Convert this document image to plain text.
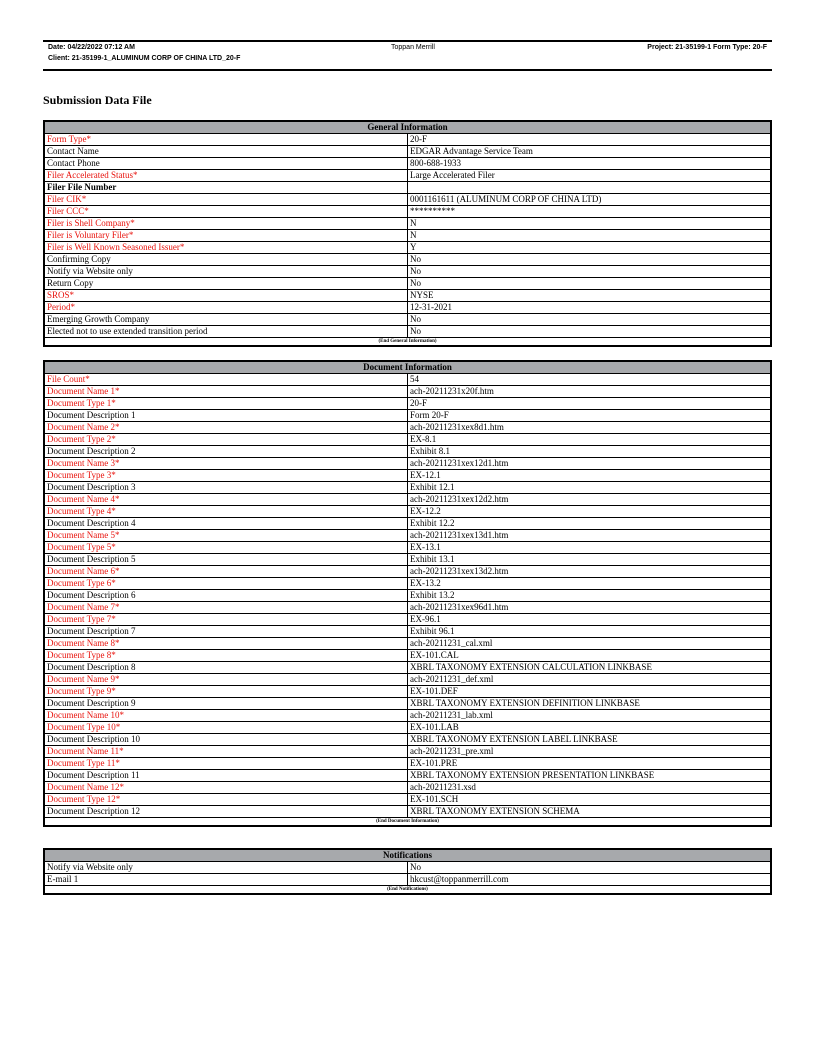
Date: 04/22/2022 07:12 AM	Toppan Merrill	Project: 21-35199-1 Form Type: 20-F
Client: 21-35199-1_ALUMINUM CORP OF CHINA LTD_20-F
Submission Data File
General Information	
Form Type*	20-F
Contact Name	EDGAR Advantage Service Team
Contact Phone	800-688-1933
Filer Accelerated Status*	Large Accelerated Filer
Filer File Number	
Filer CIK*	0001161611 (ALUMINUM CORP OF CHINA LTD)
Filer CCC*	**********
Filer is Shell Company*	N
Filer is Voluntary Filer*	N
Filer is Well Known Seasoned Issuer*	Y
Confirming Copy	No
Notify via Website only	No
Return Copy	No
SROS*	NYSE
Period*	12-31-2021
Emerging Growth Company	No
Elected not to use extended transition period	No
(End General Information)	
Document Information	
File Count*	54
Document Name 1*	ach-20211231x20f.htm
Document Type 1*	20-F
Document Description 1	Form 20-F
Document Name 2*	ach-20211231xex8d1.htm
Document Type 2*	EX-8.1
Document Description 2	Exhibit 8.1
Document Name 3*	ach-20211231xex12d1.htm
Document Type 3*	EX-12.1
Document Description 3	Exhibit 12.1
Document Name 4*	ach-20211231xex12d2.htm
Document Type 4*	EX-12.2
Document Description 4	Exhibit 12.2
Document Name 5*	ach-20211231xex13d1.htm
Document Type 5*	EX-13.1
Document Description 5	Exhibit 13.1
Document Name 6*	ach-20211231xex13d2.htm
Document Type 6*	EX-13.2
Document Description 6	Exhibit 13.2
Document Name 7*	ach-20211231xex96d1.htm
Document Type 7*	EX-96.1
Document Description 7	Exhibit 96.1
Document Name 8*	ach-20211231_cal.xml
Document Type 8*	EX-101.CAL
Document Description 8	XBRL TAXONOMY EXTENSION CALCULATION LINKBASE
Document Name 9*	ach-20211231_def.xml
Document Type 9*	EX-101.DEF
Document Description 9	XBRL TAXONOMY EXTENSION DEFINITION LINKBASE
Document Name 10*	ach-20211231_lab.xml
Document Type 10*	EX-101.LAB
Document Description 10	XBRL TAXONOMY EXTENSION LABEL LINKBASE
Document Name 11*	ach-20211231_pre.xml
Document Type 11*	EX-101.PRE
Document Description 11	XBRL TAXONOMY EXTENSION PRESENTATION LINKBASE
Document Name 12*	ach-20211231.xsd
Document Type 12*	EX-101.SCH
Document Description 12	XBRL TAXONOMY EXTENSION SCHEMA
(End Document Information)	
Notifications	
Notify via Website only	No
E-mail 1	hkcust@toppanmerrill.com
(End Notifications)	
